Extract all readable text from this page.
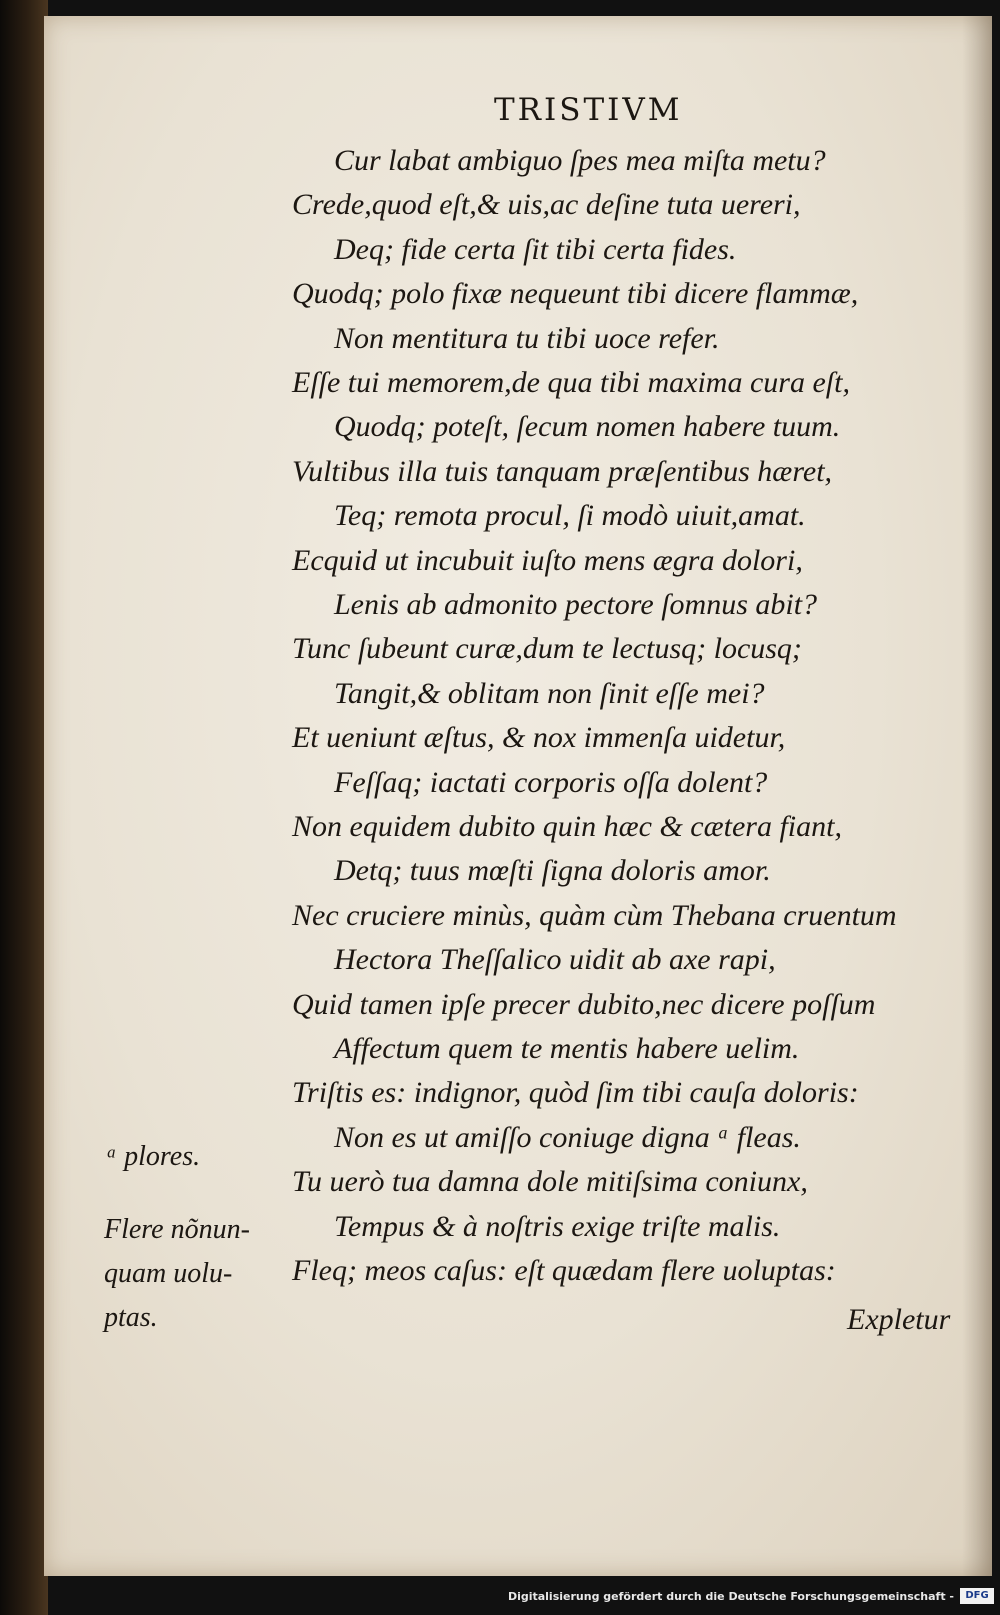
TRISTIVM
Cur labat ambiguo ſpes mea miſta metu?
Crede,quod eſt,& uis,ac deſine tuta uereri,
Deq; fide certa ſit tibi certa fides.
Quodq; polo fixæ nequeunt tibi dicere flammæ,
Non mentitura tu tibi uoce refer.
Eſſe tui memorem,de qua tibi maxima cura eſt,
Quodq; poteſt, ſecum nomen habere tuum.
Vultibus illa tuis tanquam præſentibus hæret,
Teq; remota procul, ſi modò uiuit,amat.
Ecquid ut incubuit iuſto mens ægra dolori,
Lenis ab admonito pectore ſomnus abit?
Tunc ſubeunt curæ,dum te lectusq; locusq;
Tangit,& oblitam non ſinit eſſe mei?
Et ueniunt æſtus, & nox immenſa uidetur,
Feſſaq; iactati corporis oſſa dolent?
Non equidem dubito quin hæc & cætera fiant,
Detq; tuus mœſti ſigna doloris amor.
Nec cruciere minùs, quàm cùm Thebana cruentum
Hectora Theſſalico uidit ab axe rapi,
Quid tamen ipſe precer dubito,nec dicere poſſum
Affectum quem te mentis habere uelim.
Triſtis es: indignor, quòd ſim tibi cauſa doloris:
Non es ut amiſſo coniuge digna ᵃ fleas.
Tu uerò tua damna dole mitiſsima coniunx,
Tempus & à noſtris exige triſte malis.
Fleq; meos caſus: eſt quædam flere uoluptas:
ᵃ plores.
Flere nõnun-
quam uolu-
ptas.	Expletur
Digitalisierung gefördert durch die Deutsche Forschungsgemeinschaft -	DFG
